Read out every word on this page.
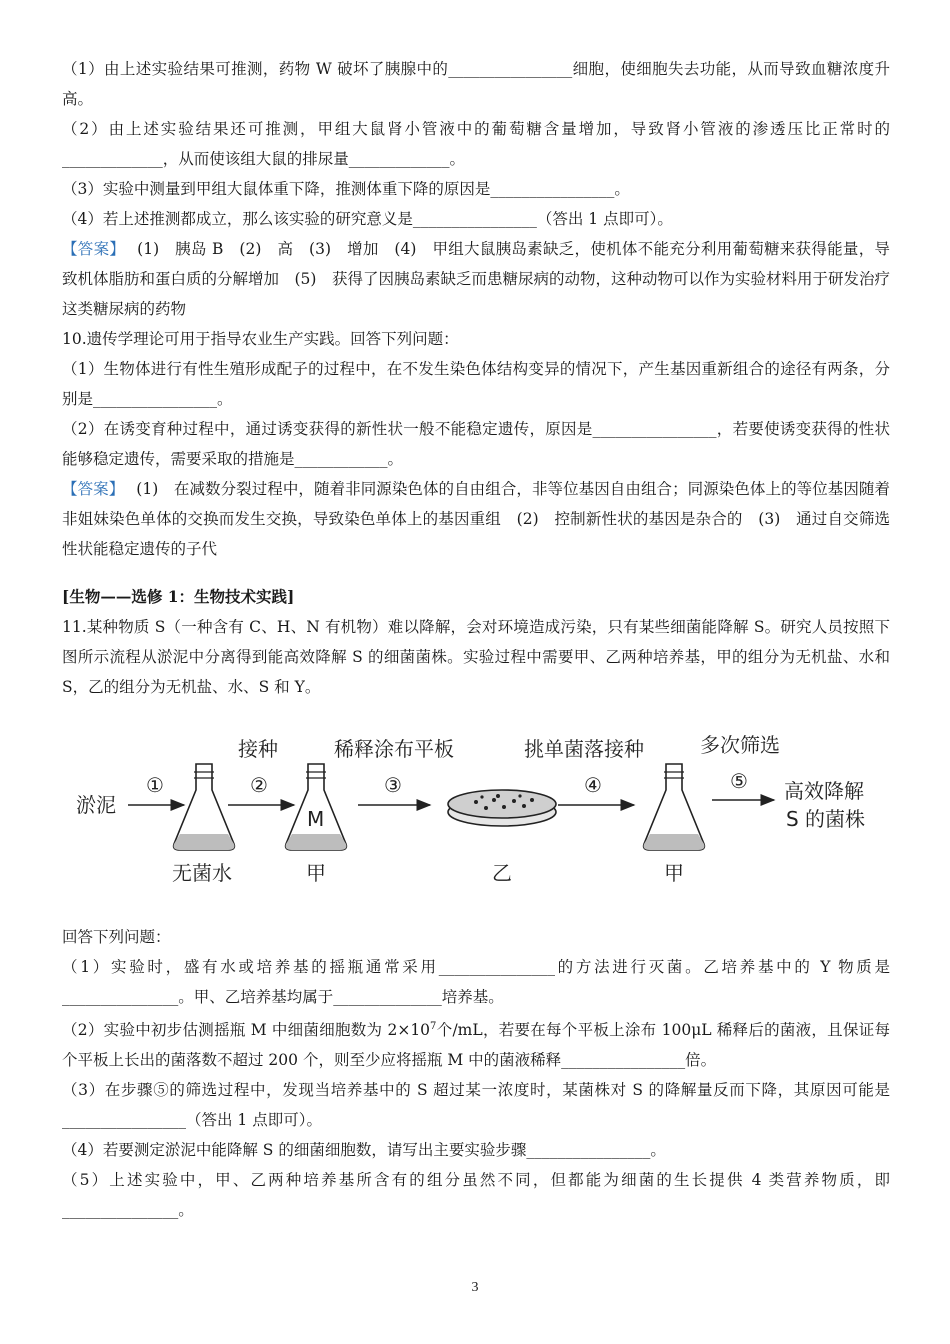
（1）由上述实验结果可推测，药物 W 破坏了胰腺中的________________细胞，使细胞失去功能，从而导致血糖浓度升高。

（2）由上述实验结果还可推测，甲组大鼠肾小管液中的葡萄糖含量增加，导致肾小管液的渗透压比正常时的_____________，从而使该组大鼠的排尿量_____________。

（3）实验中测量到甲组大鼠体重下降，推测体重下降的原因是________________。

（4）若上述推测都成立，那么该实验的研究意义是________________（答出 1 点即可）。

【答案】 (1)　胰岛 B　(2)　高　(3)　增加　(4)　甲组大鼠胰岛素缺乏，使机体不能充分利用葡萄糖来获得能量，导致机体脂肪和蛋白质的分解增加　(5)　获得了因胰岛素缺乏而患糖尿病的动物，这种动物可以作为实验材料用于研发治疗这类糖尿病的药物

10.遗传学理论可用于指导农业生产实践。回答下列问题：

（1）生物体进行有性生殖形成配子的过程中，在不发生染色体结构变异的情况下，产生基因重新组合的途径有两条，分别是________________。

（2）在诱变育种过程中，通过诱变获得的新性状一般不能稳定遗传，原因是________________，若要使诱变获得的性状能够稳定遗传，需要采取的措施是____________。

【答案】 (1)　在减数分裂过程中，随着非同源染色体的自由组合，非等位基因自由组合；同源染色体上的等位基因随着非姐妹染色单体的交换而发生交换，导致染色单体上的基因重组　(2)　控制新性状的基因是杂合的　(3)　通过自交筛选性状能稳定遗传的子代

[生物——选修 1：生物技术实践]

11.某种物质 S（一种含有 C、H、N 有机物）难以降解，会对环境造成污染，只有某些细菌能降解 S。研究人员按照下图所示流程从淤泥中分离得到能高效降解 S 的细菌菌株。实验过程中需要甲、乙两种培养基，甲的组分为无机盐、水和 S，乙的组分为无机盐、水、S 和 Y。

淤泥
①
无菌水
②
接种
M
甲
③
稀释涂布平板
乙
④
挑单菌落接种
甲
⑤
多次筛选
高效降解
S 的菌株

回答下列问题：

（1）实验时，盛有水或培养基的摇瓶通常采用_______________的方法进行灭菌。乙培养基中的 Y 物质是_______________。甲、乙培养基均属于______________培养基。

（2）实验中初步估测摇瓶 M 中细菌细胞数为 $2\times 10^7$个/mL，若要在每个平板上涂布 100μL 稀释后的菌液，且保证每个平板上长出的菌落数不超过 200 个，则至少应将摇瓶 M 中的菌液稀释________________倍。

（3）在步骤⑤的筛选过程中，发现当培养基中的 S 超过某一浓度时，某菌株对 S 的降解量反而下降，其原因可能是________________（答出 1 点即可）。

（4）若要测定淤泥中能降解 S 的细菌细胞数，请写出主要实验步骤________________。

（5）上述实验中，甲、乙两种培养基所含有的组分虽然不同，但都能为细菌的生长提供 4 类营养物质，即_______________。

3
